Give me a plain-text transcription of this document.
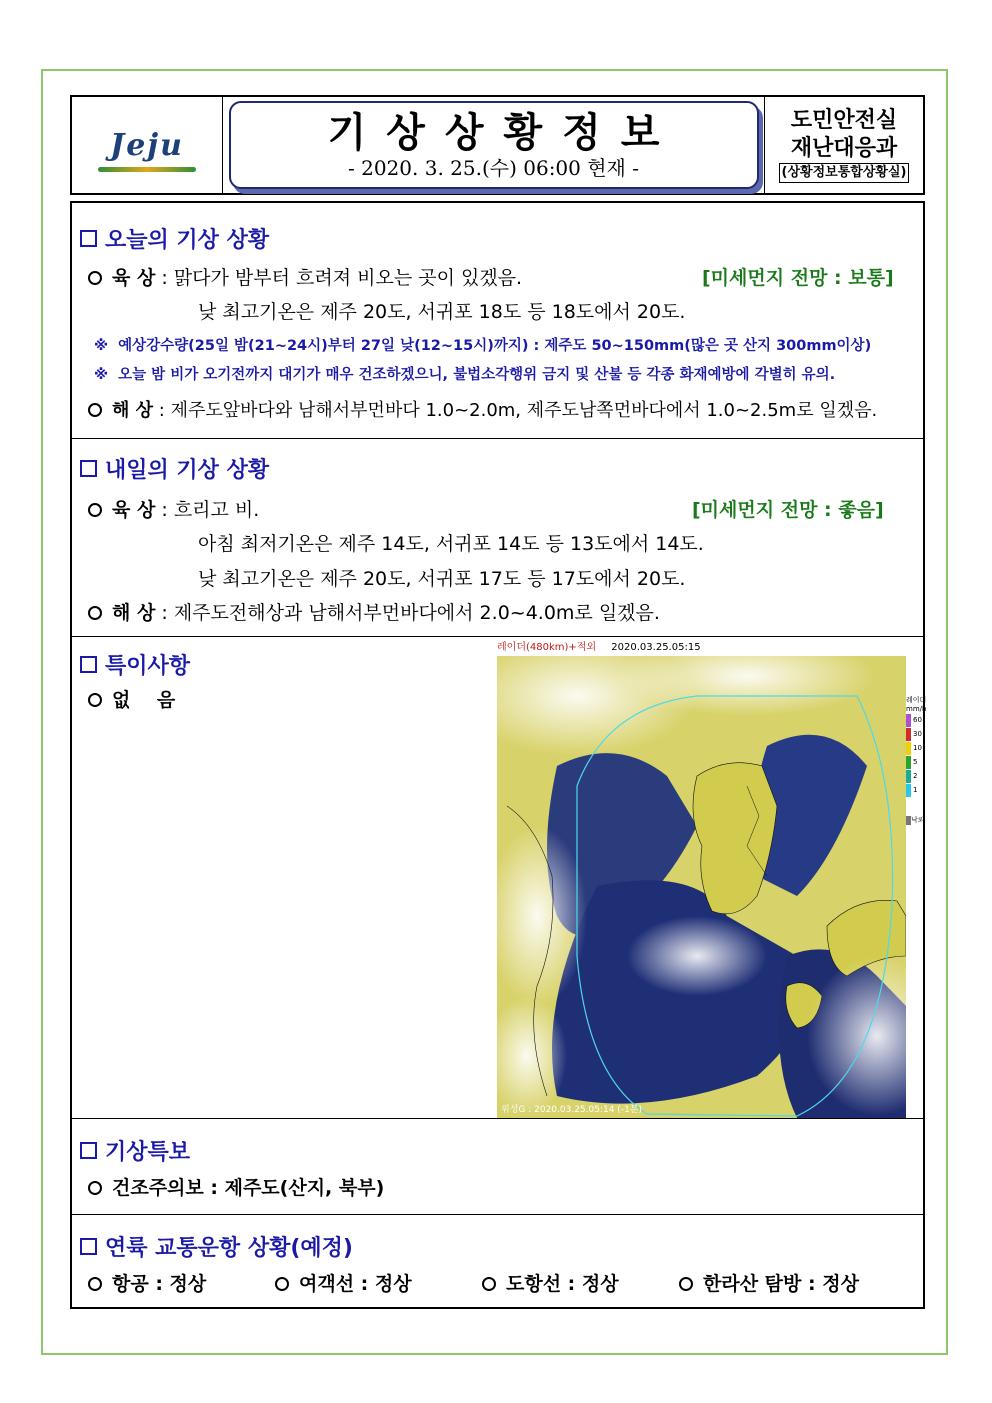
Jeju	기상상황정보
- 2020. 3. 25.(수) 06:00 현재 -
도민안전실
재난대응과
(상황정보통합상황실)
오늘의 기상 상황
육 상 : 맑다가 밤부터 흐려져 비오는 곳이 있겠음.	[미세먼지 전망 : 보통]
낮 최고기온은 제주 20도, 서귀포 18도 등 18도에서 20도.
※ 예상강수량(25일 밤(21~24시)부터 27일 낮(12~15시)까지) : 제주도 50~150mm(많은 곳 산지 300mm이상)
※ 오늘 밤 비가 오기전까지 대기가 매우 건조하겠으니, 불법소각행위 금지 및 산불 등 각종 화재예방에 각별히 유의.
해 상 : 제주도앞바다와 남해서부먼바다 1.0~2.0m, 제주도남쪽먼바다에서 1.0~2.5m로 일겠음.
내일의 기상 상황
육 상 : 흐리고 비.	[미세먼지 전망 : 좋음]
아침 최저기온은 제주 14도, 서귀포 14도 등 13도에서 14도.
낮 최고기온은 제주 20도, 서귀포 17도 등 17도에서 20도.
해 상 : 제주도전해상과 남해서부먼바다에서 2.0~4.0m로 일겠음.
특이사항
없    음
레이더(480km)+적외 2020.03.25.05:15
위성G : 2020.03.25.05:14 (-1분)
레이더
mm/h
60
30
10
5
2
1
낙뢰
기상특보
건조주의보 : 제주도(산지, 북부)
연륙 교통운항 상황(예정)
항공 : 정상	여객선 : 정상	도항선 : 정상	한라산 탐방 : 정상
